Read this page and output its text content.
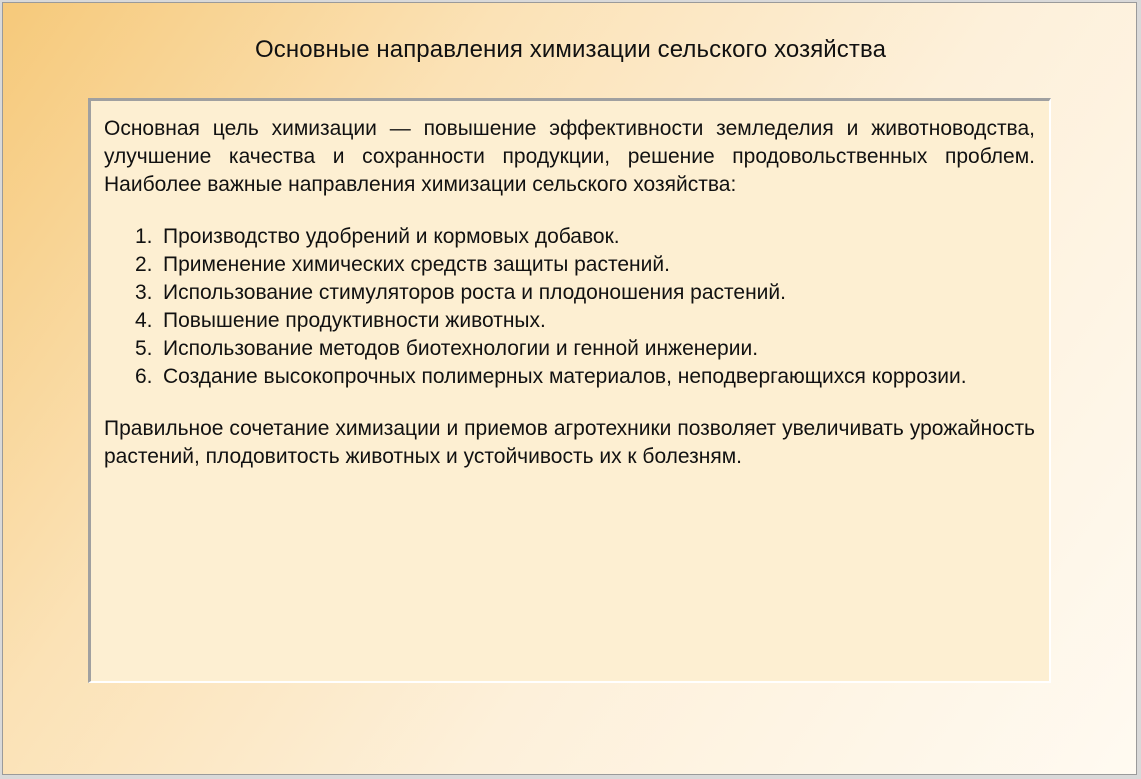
Основные направления химизации сельского хозяйства

Основная цель химизации — повышение эффективности земледелия и животноводства, улучшение качества и сохранности продукции, решение продовольственных проблем. Наиболее важные направления химизации сельского хозяйства:

1. Производство удобрений и кормовых добавок.
2. Применение химических средств защиты растений.
3. Использование стимуляторов роста и плодоношения растений.
4. Повышение продуктивности животных.
5. Использование методов биотехнологии и генной инженерии.
6. Создание высокопрочных полимерных материалов, неподвергающихся коррозии.

Правильное сочетание химизации и приемов агротехники позволяет увеличивать урожайность растений, плодовитость животных и устойчивость их к болезням.
